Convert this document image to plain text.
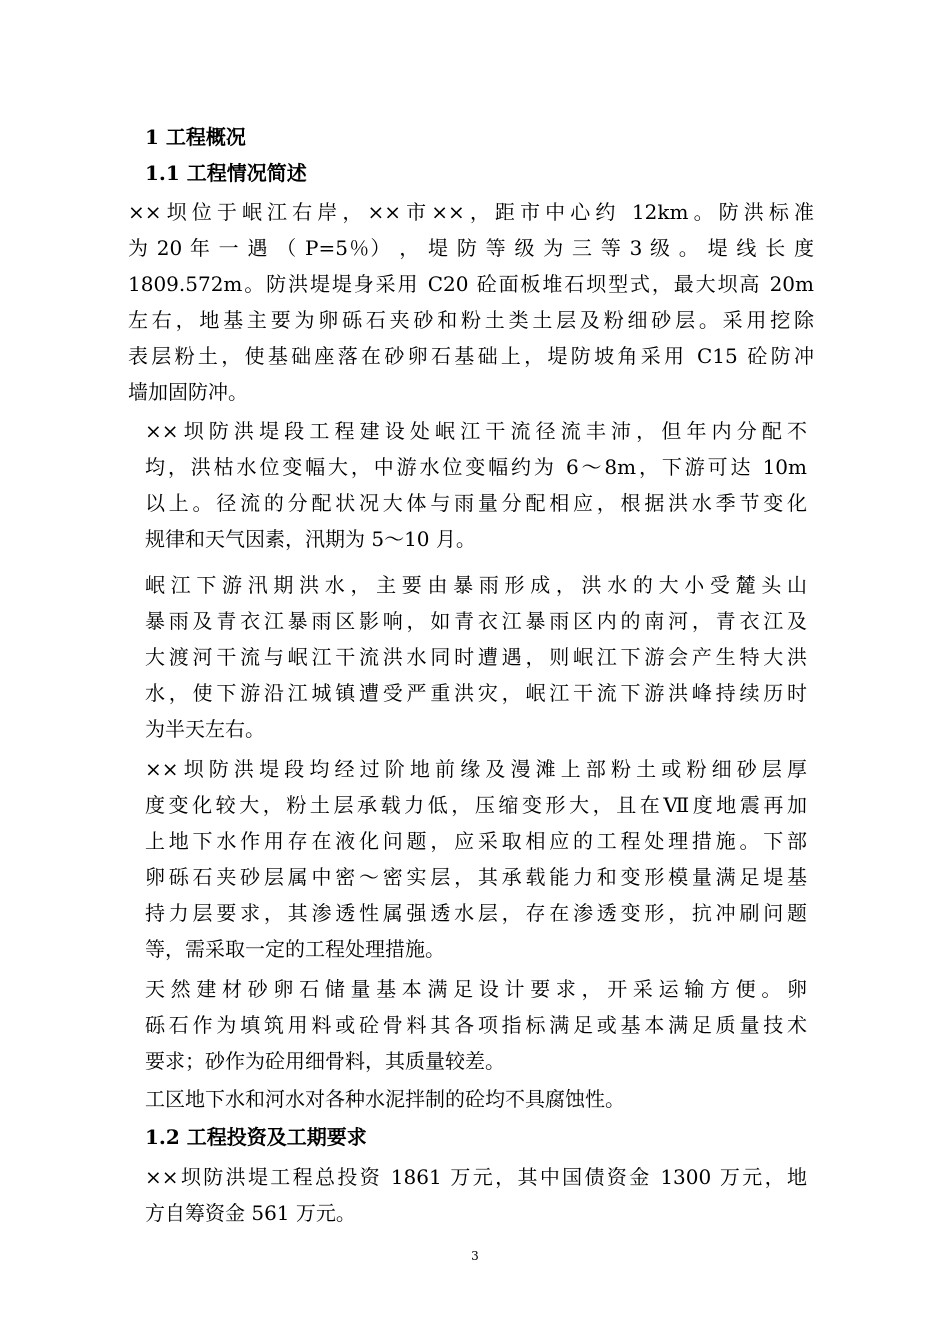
1 工程概况
1.1 工程情况简述

××坝位于岷江右岸，××市××，距市中心约 12km。防洪标准
为 20 年 一 遇 （ P=5％） ， 堤 防 等 级 为 三 等 3 级 。 堤 线 长 度
1809.572m。防洪堤堤身采用 C20 砼面板堆石坝型式，最大坝高 20m
左右，地基主要为卵砾石夹砂和粉土类土层及粉细砂层。采用挖除
表层粉土，使基础座落在砂卵石基础上，堤防坡角采用 C15 砼防冲
墙加固防冲。

××坝防洪堤段工程建设处岷江干流径流丰沛，但年内分配不
均，洪枯水位变幅大，中游水位变幅约为 6～8m，下游可达 10m
以上。径流的分配状况大体与雨量分配相应，根据洪水季节变化
规律和天气因素，汛期为 5～10 月。

岷江下游汛期洪水，主要由暴雨形成，洪水的大小受麓头山
暴雨及青衣江暴雨区影响，如青衣江暴雨区内的南河，青衣江及
大渡河干流与岷江干流洪水同时遭遇，则岷江下游会产生特大洪
水，使下游沿江城镇遭受严重洪灾，岷江干流下游洪峰持续历时
为半天左右。

××坝防洪堤段均经过阶地前缘及漫滩上部粉土或粉细砂层厚
度变化较大，粉土层承载力低，压缩变形大，且在Ⅶ度地震再加
上地下水作用存在液化问题，应采取相应的工程处理措施。下部
卵砾石夹砂层属中密～密实层，其承载能力和变形模量满足堤基
持力层要求，其渗透性属强透水层，存在渗透变形，抗冲刷问题
等，需采取一定的工程处理措施。

天然建材砂卵石储量基本满足设计要求，开采运输方便。卵
砾石作为填筑用料或砼骨料其各项指标满足或基本满足质量技术
要求；砂作为砼用细骨料，其质量较差。

工区地下水和河水对各种水泥拌制的砼均不具腐蚀性。

1.2 工程投资及工期要求

××坝防洪堤工程总投资 1861 万元，其中国债资金 1300 万元，地
方自筹资金 561 万元。

3
